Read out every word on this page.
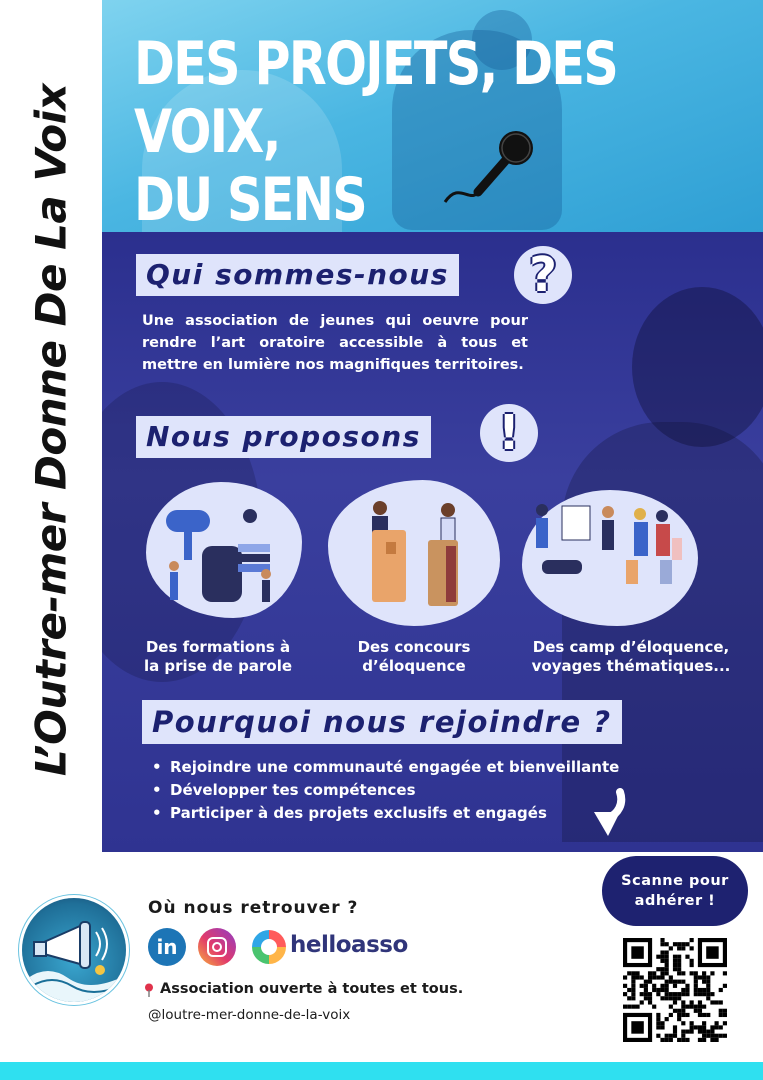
L’Outre-mer Donne De La Voix
DES PROJETS, DES VOIX,
DU SENS
Qui sommes-nous	?
Une association de jeunes qui oeuvre pour rendre l’art oratoire accessible à tous et mettre en lumière nos magnifiques territoires.
Nous proposons	!
Des formations à
la prise de parole
Des concours
d’éloquence
Des camp d’éloquence,
voyages thématiques...
Pourquoi nous rejoindre ?
• Rejoindre une communauté engagée et bienveillante
• Développer tes compétences
• Participer à des projets exclusifs et engagés
Où nous retrouver ?
in	helloasso
Association ouverte à toutes et tous.
@loutre-mer-donne-de-la-voix
Scanne pour
adhérer !
